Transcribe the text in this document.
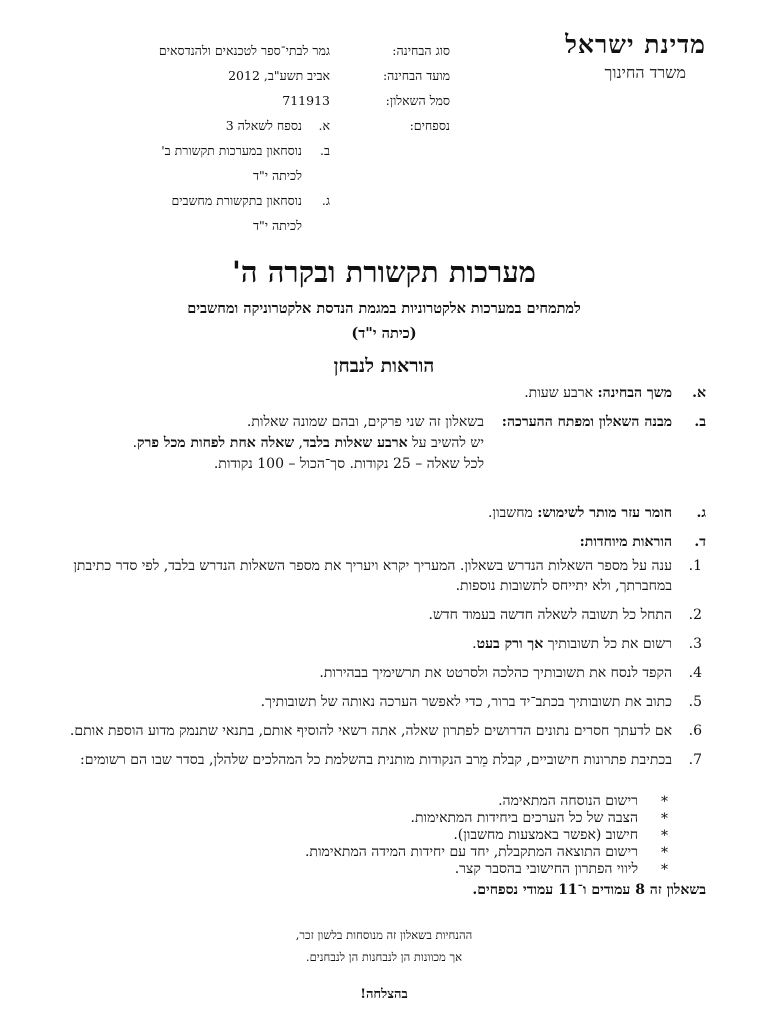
מדינת ישראל
משרד החינוך
סוג הבחינה:
גמר לבתי־ספר לטכנאים ולהנדסאים
מועד הבחינה:
אביב תשע"ב, 2012
סמל השאלון:
711913
נספחים:
א.
נספח לשאלה 3
ב.
נוסחאון במערכות תקשורת ב'
לכיתה י"ד
ג.
נוסחאון בתקשורת מחשבים
לכיתה י"ד
מערכות תקשורת ובקרה ה'
למתמחים במערכות אלקטרוניות במגמת הנדסת אלקטרוניקה ומחשבים
(כיתה י"ד)
הוראות לנבחן
א.
משך הבחינה: ארבע שעות.
ב.
מבנה השאלון ומפתח ההערכה:
בשאלון זה שני פרקים, ובהם שמונה שאלות.
יש להשיב על ארבע שאלות בלבד, שאלה אחת לפחות מכל פרק.
לכל שאלה – 25 נקודות. סך־הכול – 100 נקודות.
ג.
חומר עזר מותר לשימוש: מחשבון.
ד.
הוראות מיוחדות:
1.
ענה על מספר השאלות הנדרש בשאלון. המעריך יקרא ויעריך את מספר השאלות הנדרש בלבד, לפי סדר כתיבתן במחברתך, ולא יתייחס לתשובות נוספות.
2.
התחל כל תשובה לשאלה חדשה בעמוד חדש.
3.
רשום את כל תשובותיך אך ורק בעט.
4.
הקפד לנסח את תשובותיך כהלכה ולסרטט את תרשימיך בבהירות.
5.
כתוב את תשובותיך בכתב־יד ברור, כדי לאפשר הערכה נאותה של תשובותיך.
6.
אם לדעתך חסרים נתונים הדרושים לפתרון שאלה, אתה רשאי להוסיף אותם, בתנאי שתנמק מדוע הוספת אותם.
7.
בכתיבת פתרונות חישוביים, קבלת מֵרב הנקודות מותנית בהשלמת כל המהלכים שלהלן, בסדר שבו הם רשומים:
*
רישום הנוסחה המתאימה.
*
הצבה של כל הערכים ביחידות המתאימות.
*
חישוב (אפשר באמצעות מחשבון).
*
רישום התוצאה המתקבלת, יחד עם יחידות המידה המתאימות.
*
ליווי הפתרון החישובי בהסבר קצר.
בשאלון זה 8 עמודים ו־11 עמודי נספחים.
ההנחיות בשאלון זה מנוסחות בלשון זכר,
אך מכוונות הן לנבחנות הן לנבחנים.
בהצלחה!
